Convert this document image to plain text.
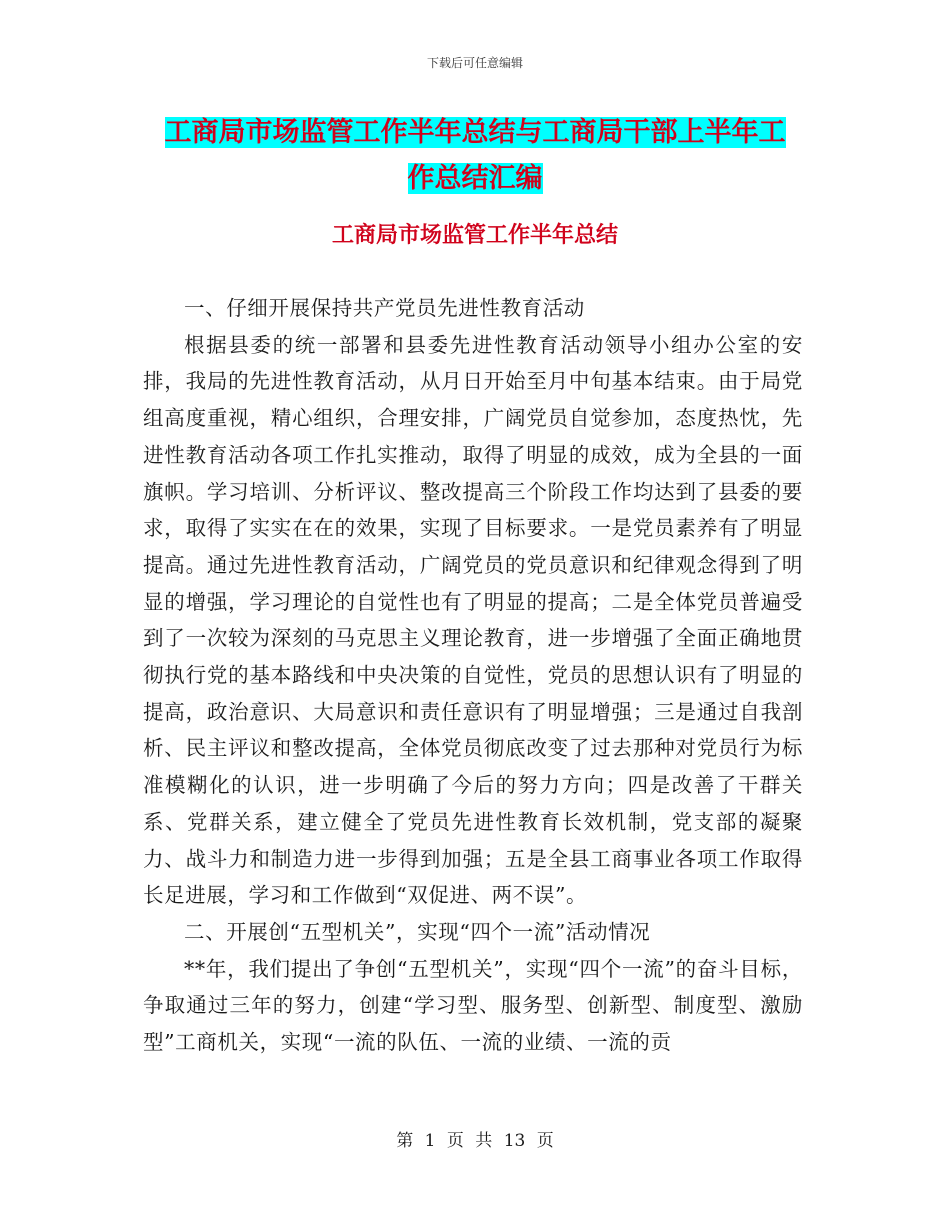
下载后可任意编辑
工商局市场监管工作半年总结与工商局干部上半年工
作总结汇编
工商局市场监管工作半年总结

一、仔细开展保持共产党员先进性教育活动

根据县委的统一部署和县委先进性教育活动领导小组办公室的安排，我局的先进性教育活动，从月日开始至月中旬基本结束。由于局党组高度重视，精心组织，合理安排，广阔党员自觉参加，态度热忱，先进性教育活动各项工作扎实推动，取得了明显的成效，成为全县的一面旗帜。学习培训、分析评议、整改提高三个阶段工作均达到了县委的要求，取得了实实在在的效果，实现了目标要求。一是党员素养有了明显提高。通过先进性教育活动，广阔党员的党员意识和纪律观念得到了明显的增强，学习理论的自觉性也有了明显的提高；二是全体党员普遍受到了一次较为深刻的马克思主义理论教育，进一步增强了全面正确地贯彻执行党的基本路线和中央决策的自觉性，党员的思想认识有了明显的提高，政治意识、大局意识和责任意识有了明显增强；三是通过自我剖析、民主评议和整改提高，全体党员彻底改变了过去那种对党员行为标准模糊化的认识，进一步明确了今后的努力方向；四是改善了干群关系、党群关系，建立健全了党员先进性教育长效机制，党支部的凝聚力、战斗力和制造力进一步得到加强；五是全县工商事业各项工作取得长足进展，学习和工作做到“双促进、两不误”。

二、开展创“五型机关”，实现“四个一流”活动情况

**年，我们提出了争创“五型机关”，实现“四个一流”的奋斗目标，争取通过三年的努力，创建“学习型、服务型、创新型、制度型、激励型”工商机关，实现“一流的队伍、一流的业绩、一流的贡

第 1 页 共 13 页
